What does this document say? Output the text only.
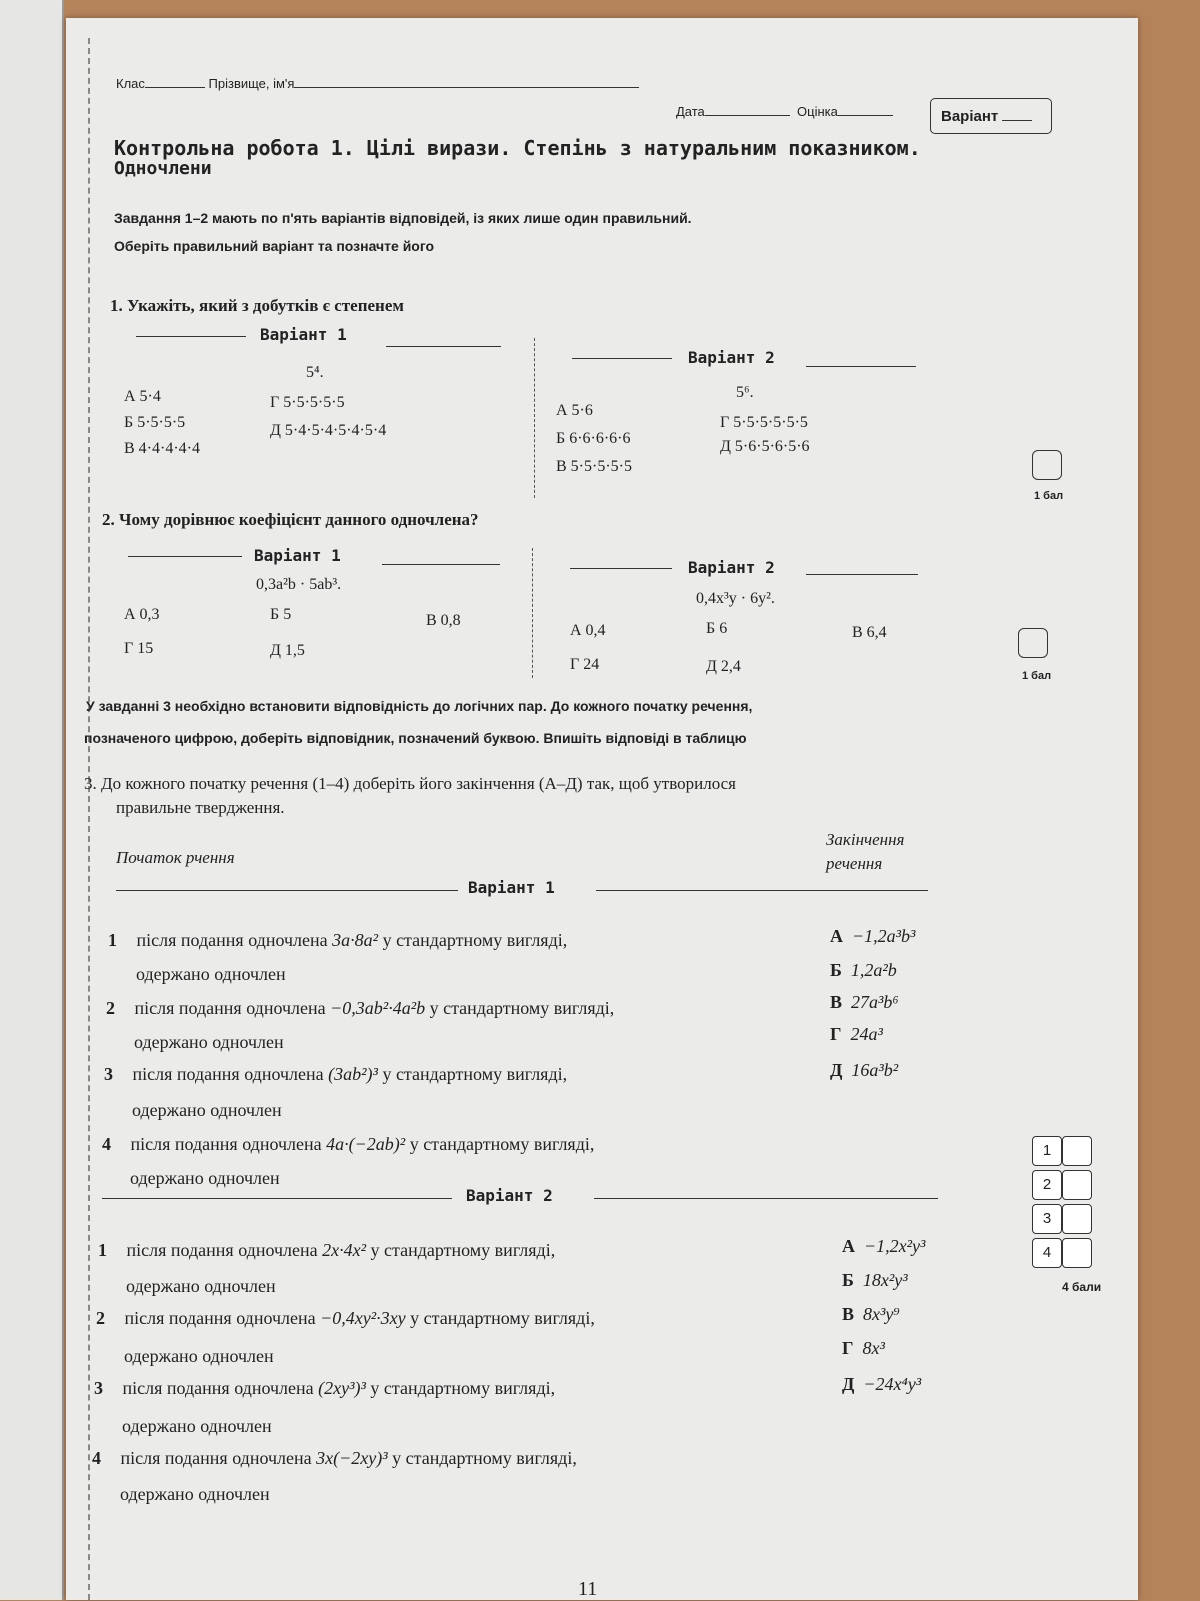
Клас	Прізвище, ім'я
Дата	Оцінка	Варіант
Контрольна робота 1. Цілі вирази. Степінь з натуральним показником.
Одночлени
Завдання 1–2 мають по п'ять варіантів відповідей, із яких лише один правильний.
Оберіть правильний варіант та позначте його
1. Укажіть, який з добутків є степенем
Варіант 1
5⁴.
А 5·4
Б 5·5·5·5
В 4·4·4·4·4
Г 5·5·5·5·5
Д 5·4·5·4·5·4·5·4
Варіант 2
5⁶.
А 5·6
Б 6·6·6·6·6
В 5·5·5·5·5
Г 5·5·5·5·5·5
Д 5·6·5·6·5·6
1 бал
2. Чому дорівнює коефіцієнт данного одночлена?
Варіант 1
0,3a²b · 5ab³.
А 0,3	Б 5	В 0,8
Г 15	Д 1,5
Варіант 2
0,4x³y · 6y².
А 0,4	Б 6	В 6,4
Г 24	Д 2,4
1 бал
У завданні 3 необхідно встановити відповідність до логічних пар. До кожного початку речення,
позначеного цифрою, доберіть відповідник, позначений буквою. Впишіть відповіді в таблицю
3. До кожного початку речення (1–4) доберіть його закінчення (А–Д) так, щоб утворилося
правильне твердження.
Початок рчення
Закінчення
речення
Варіант 1
1 після подання одночлена 3a·8a² у стандартному вигляді,
одержано одночлен
2 після подання одночлена −0,3ab²·4a²b у стандартному вигляді,
одержано одночлен
3 після подання одночлена (3ab²)³ у стандартному вигляді,
одержано одночлен
4 після подання одночлена 4a·(−2ab)² у стандартному вигляді,
одержано одночлен
А −1,2a³b³
Б 1,2a²b
В 27a³b⁶
Г 24a³
Д 16a³b²
Варіант 2
1 після подання одночлена 2x·4x² у стандартному вигляді,
одержано одночлен
2 після подання одночлена −0,4xy²·3xy у стандартному вигляді,
одержано одночлен
3 після подання одночлена (2xy³)³ у стандартному вигляді,
одержано одночлен
4 після подання одночлена 3x(−2xy)³ у стандартному вигляді,
одержано одночлен
А −1,2x²y³
Б 18x²y³
В 8x³y⁹
Г 8x³
Д −24x⁴y³
1
2
3
4
4 бали
11
